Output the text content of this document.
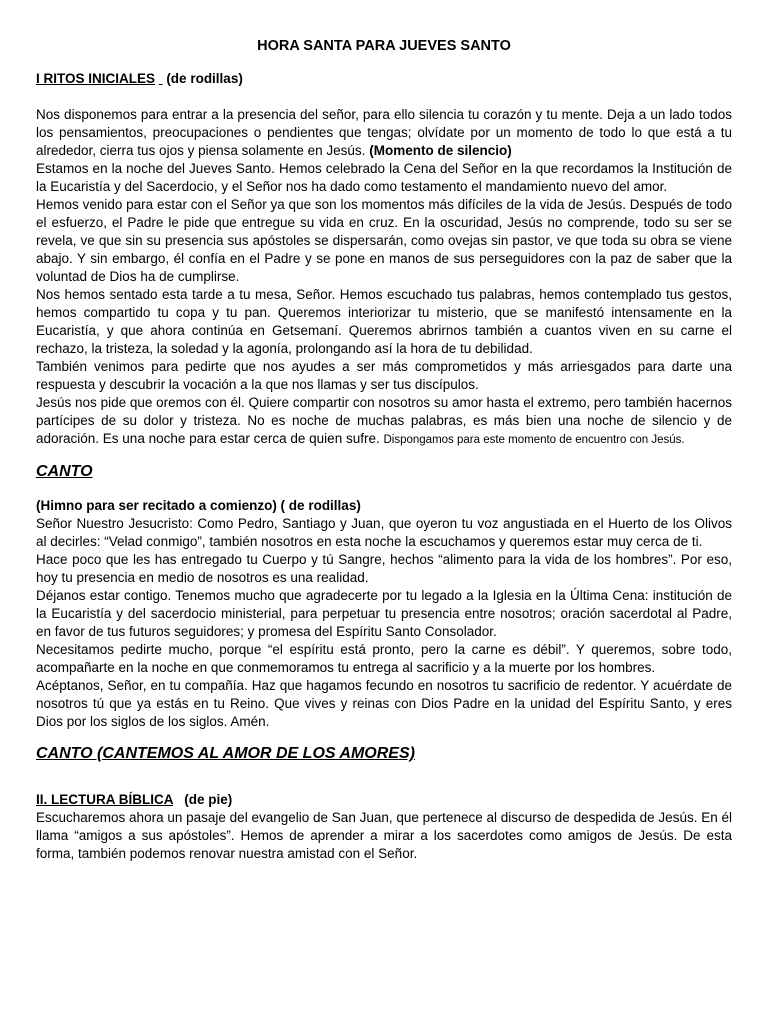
HORA SANTA PARA JUEVES SANTO
I RITOS INICIALES (de rodillas)

Nos disponemos para entrar a la presencia del señor, para ello silencia tu corazón y tu mente. Deja a un lado todos los pensamientos, preocupaciones o pendientes que tengas; olvídate por un momento de todo lo que está a tu alrededor, cierra tus ojos y piensa solamente en Jesús. (Momento de silencio)

Estamos en la noche del Jueves Santo. Hemos celebrado la Cena del Señor en la que recordamos la Institución de la Eucaristía y del Sacerdocio, y el Señor nos ha dado como testamento el mandamiento nuevo del amor.

Hemos venido para estar con el Señor ya que son los momentos más difíciles de la vida de Jesús. Después de todo el esfuerzo, el Padre le pide que entregue su vida en cruz. En la oscuridad, Jesús no comprende, todo su ser se revela, ve que sin su presencia sus apóstoles se dispersarán, como ovejas sin pastor, ve que toda su obra se viene abajo. Y sin embargo, él confía en el Padre y se pone en manos de sus perseguidores con la paz de saber que la voluntad de Dios ha de cumplirse.

Nos hemos sentado esta tarde a tu mesa, Señor. Hemos escuchado tus palabras, hemos contemplado tus gestos, hemos compartido tu copa y tu pan. Queremos interiorizar tu misterio, que se manifestó intensamente en la Eucaristía, y que ahora continúa en Getsemaní. Queremos abrirnos también a cuantos viven en su carne el rechazo, la tristeza, la soledad y la agonía, prolongando así la hora de tu debilidad.

También venimos para pedirte que nos ayudes a ser más comprometidos y más arriesgados para darte una respuesta y descubrir la vocación a la que nos llamas y ser tus discípulos.

Jesús nos pide que oremos con él. Quiere compartir con nosotros su amor hasta el extremo, pero también hacernos partícipes de su dolor y tristeza. No es noche de muchas palabras, es más bien una noche de silencio y de adoración. Es una noche para estar cerca de quien sufre. Dispongamos para este momento de encuentro con Jesús.

CANTO
(Himno para ser recitado a comienzo) ( de rodillas)

Señor Nuestro Jesucristo: Como Pedro, Santiago y Juan, que oyeron tu voz angustiada en el Huerto de los Olivos al decirles: “Velad conmigo”, también nosotros en esta noche la escuchamos y queremos estar muy cerca de ti.

Hace poco que les has entregado tu Cuerpo y tú Sangre, hechos “alimento para la vida de los hombres”. Por eso, hoy tu presencia en medio de nosotros es una realidad.

Déjanos estar contigo. Tenemos mucho que agradecerte por tu legado a la Iglesia en la Última Cena: institución de la Eucaristía y del sacerdocio ministerial, para perpetuar tu presencia entre nosotros; oración sacerdotal al Padre, en favor de tus futuros seguidores; y promesa del Espíritu Santo Consolador.

Necesitamos pedirte mucho, porque “el espíritu está pronto, pero la carne es débil”. Y queremos, sobre todo, acompañarte en la noche en que conmemoramos tu entrega al sacrificio y a la muerte por los hombres.

Acéptanos, Señor, en tu compañía. Haz que hagamos fecundo en nosotros tu sacrificio de redentor. Y acuérdate de nosotros tú que ya estás en tu Reino. Que vives y reinas con Dios Padre en la unidad del Espíritu Santo, y eres Dios por los siglos de los siglos. Amén.

CANTO (CANTEMOS AL AMOR DE LOS AMORES)
II. LECTURA BÍBLICA (de pie)

Escucharemos ahora un pasaje del evangelio de San Juan, que pertenece al discurso de despedida de Jesús. En él llama “amigos a sus apóstoles”. Hemos de aprender a mirar a los sacerdotes como amigos de Jesús. De esta forma, también podemos renovar nuestra amistad con el Señor.
